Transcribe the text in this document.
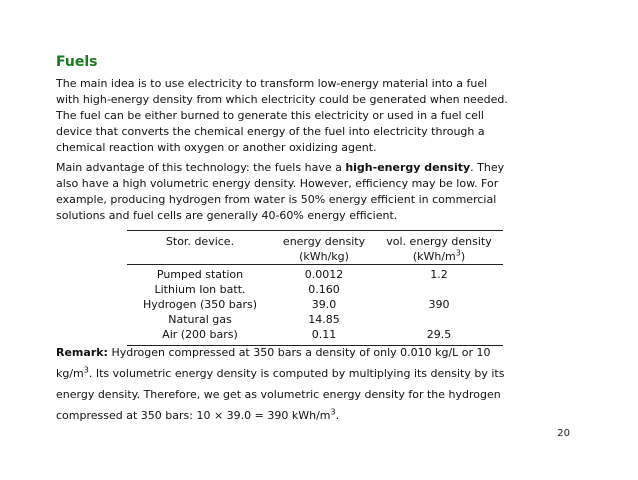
Fuels
The main idea is to use electricity to transform low-energy material into a fuel
with high-energy density from which electricity could be generated when needed.
The fuel can be either burned to generate this electricity or used in a fuel cell
device that converts the chemical energy of the fuel into electricity through a
chemical reaction with oxygen or another oxidizing agent.
Main advantage of this technology: the fuels have a high-energy density. They
also have a high volumetric energy density. However, efficiency may be low. For
example, producing hydrogen from water is 50% energy efficient in commercial
solutions and fuel cells are generally 40-60% energy efficient.
Stor. device.	energy density	vol. energy density
	(kWh/kg)	$(kWh/m^3)$
Pumped station	0.0012	1.2
Lithium Ion batt.	0.160	
Hydrogen (350 bars)	39.0	390
Natural gas	14.85	
Air (200 bars)	0.11	29.5
Remark: Hydrogen compressed at 350 bars a density of only 0.010 kg/L or 10
$kg/m^3$. Its volumetric energy density is computed by multiplying its density by its
energy density. Therefore, we get as volumetric energy density for the hydrogen
compressed at 350 bars: 10 × 39.0 = 390 kWh/$m^3$.
20
